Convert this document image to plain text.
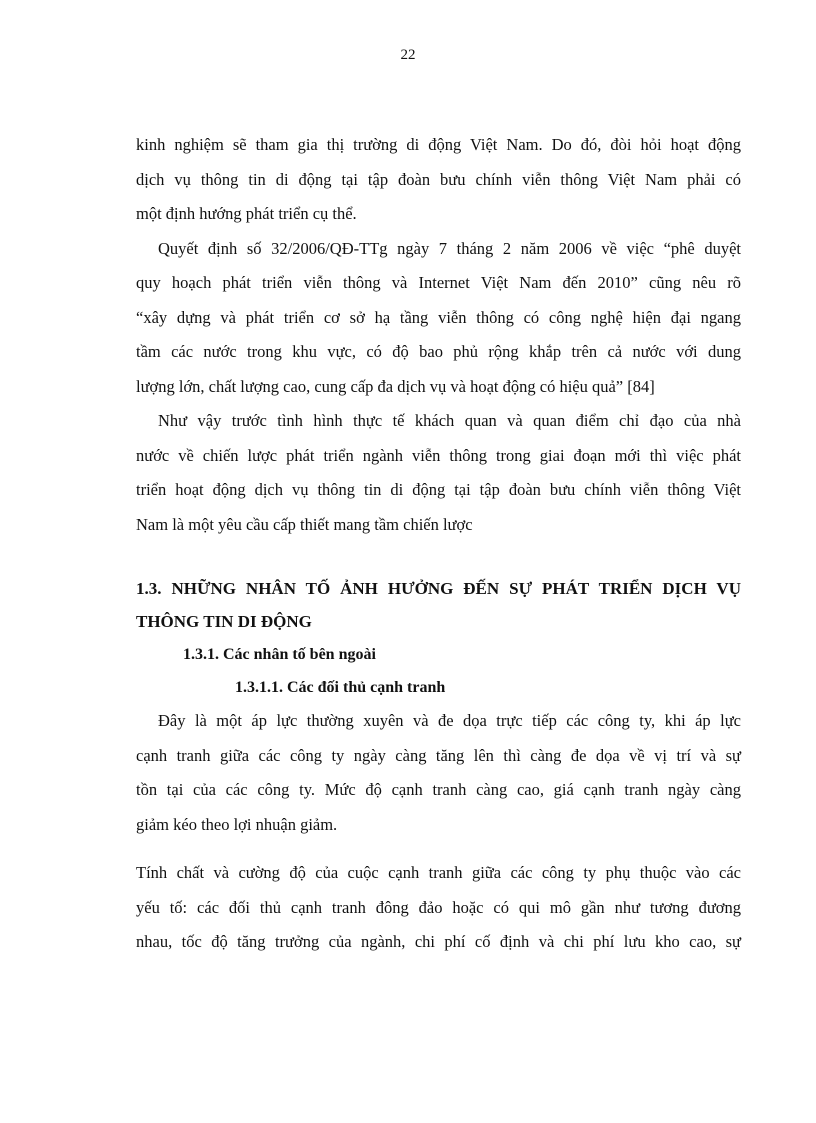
22
kinh nghiệm sẽ tham gia thị trường di động Việt Nam. Do đó, đòi hỏi hoạt động
dịch vụ thông tin di động tại tập đoàn bưu chính viễn thông Việt Nam phải có
một định hướng phát triển cụ thể.
Quyết định số 32/2006/QĐ-TTg ngày 7 tháng 2 năm 2006 về việc “phê duyệt
quy hoạch phát triển viễn thông và Internet Việt Nam đến 2010” cũng nêu rõ
“xây dựng và phát triển cơ sở hạ tầng viễn thông có công nghệ hiện đại ngang
tầm các nước trong khu vực, có độ bao phủ rộng khắp trên cả nước với dung
lượng lớn, chất lượng cao, cung cấp đa dịch vụ và hoạt động có hiệu quả” [84]
Như vậy trước tình hình thực tế khách quan và quan điểm chỉ đạo của nhà
nước về chiến lược phát triển ngành viễn thông trong giai đoạn mới thì việc phát
triển hoạt động dịch vụ thông tin di động tại tập đoàn bưu chính viễn thông Việt
Nam là một yêu cầu cấp thiết mang tầm chiến lược
1.3. NHỮNG NHÂN TỐ ẢNH HƯỞNG ĐẾN SỰ PHÁT TRIỂN DỊCH VỤ
THÔNG TIN DI ĐỘNG
1.3.1. Các nhân tố bên ngoài
1.3.1.1. Các đối thủ cạnh tranh
Đây là một áp lực thường xuyên và đe dọa trực tiếp các công ty, khi áp lực
cạnh tranh giữa các công ty ngày càng tăng lên thì càng đe dọa về vị trí và sự
tồn tại của các công ty. Mức độ cạnh tranh càng cao, giá cạnh tranh ngày càng
giảm kéo theo lợi nhuận giảm.
Tính chất và cường độ của cuộc cạnh tranh giữa các công ty phụ thuộc vào các
yếu tố: các đối thủ cạnh tranh đông đảo hoặc có qui mô gần như tương đương
nhau, tốc độ tăng trưởng của ngành, chi phí cố định và chi phí lưu kho cao, sự
